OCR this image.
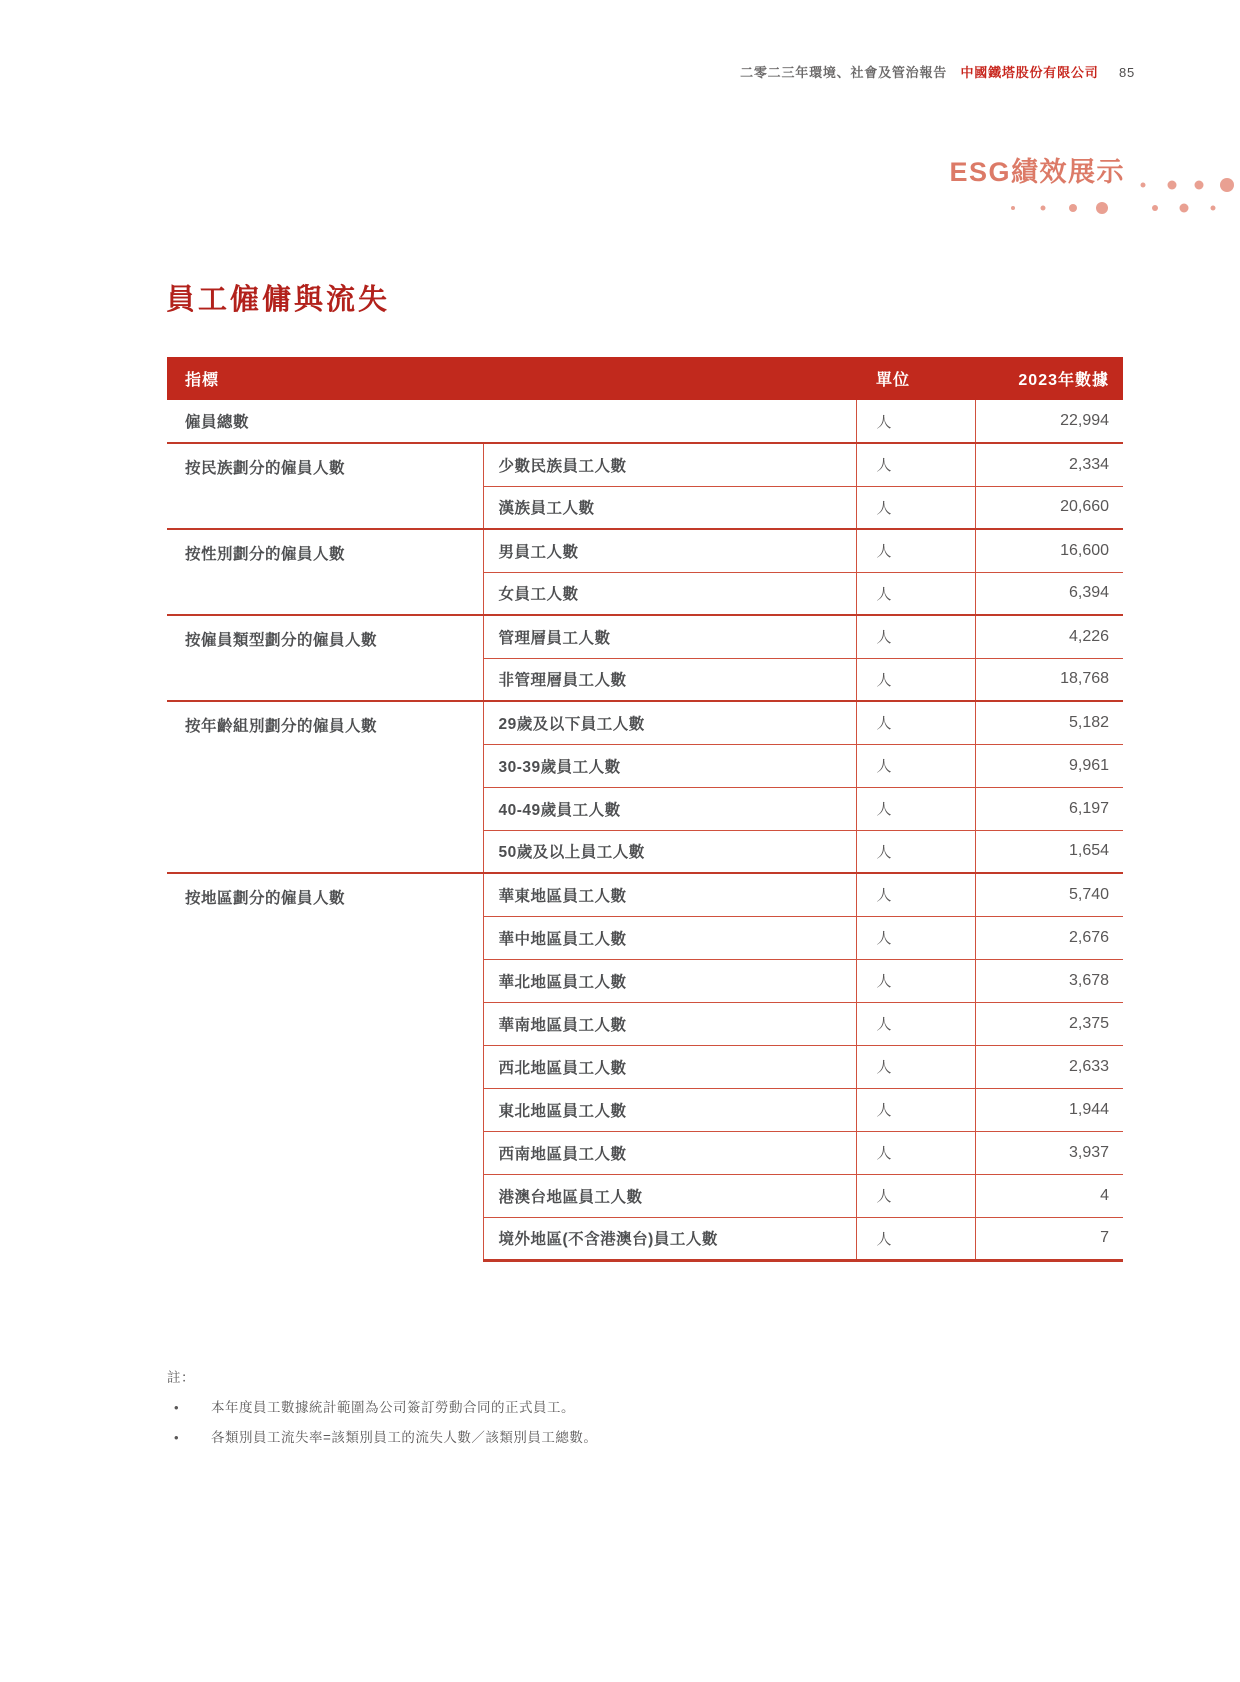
二零二三年環境、社會及管治報告 中國鐵塔股份有限公司 85
ESG績效展示
員工僱傭與流失
指標		單位	2023年數據
僱員總數		人	22,994
按民族劃分的僱員人數	少數民族員工人數	人	2,334
	漢族員工人數	人	20,660
按性別劃分的僱員人數	男員工人數	人	16,600
	女員工人數	人	6,394
按僱員類型劃分的僱員人數	管理層員工人數	人	4,226
	非管理層員工人數	人	18,768
按年齡組別劃分的僱員人數	29歲及以下員工人數	人	5,182
	30-39歲員工人數	人	9,961
	40-49歲員工人數	人	6,197
	50歲及以上員工人數	人	1,654
按地區劃分的僱員人數	華東地區員工人數	人	5,740
	華中地區員工人數	人	2,676
	華北地區員工人數	人	3,678
	華南地區員工人數	人	2,375
	西北地區員工人數	人	2,633
	東北地區員工人數	人	1,944
	西南地區員工人數	人	3,937
	港澳台地區員工人數	人	4
	境外地區(不含港澳台)員工人數	人	7
註：
•	本年度員工數據統計範圍為公司簽訂勞動合同的正式員工。
•	各類別員工流失率=該類別員工的流失人數／該類別員工總數。
